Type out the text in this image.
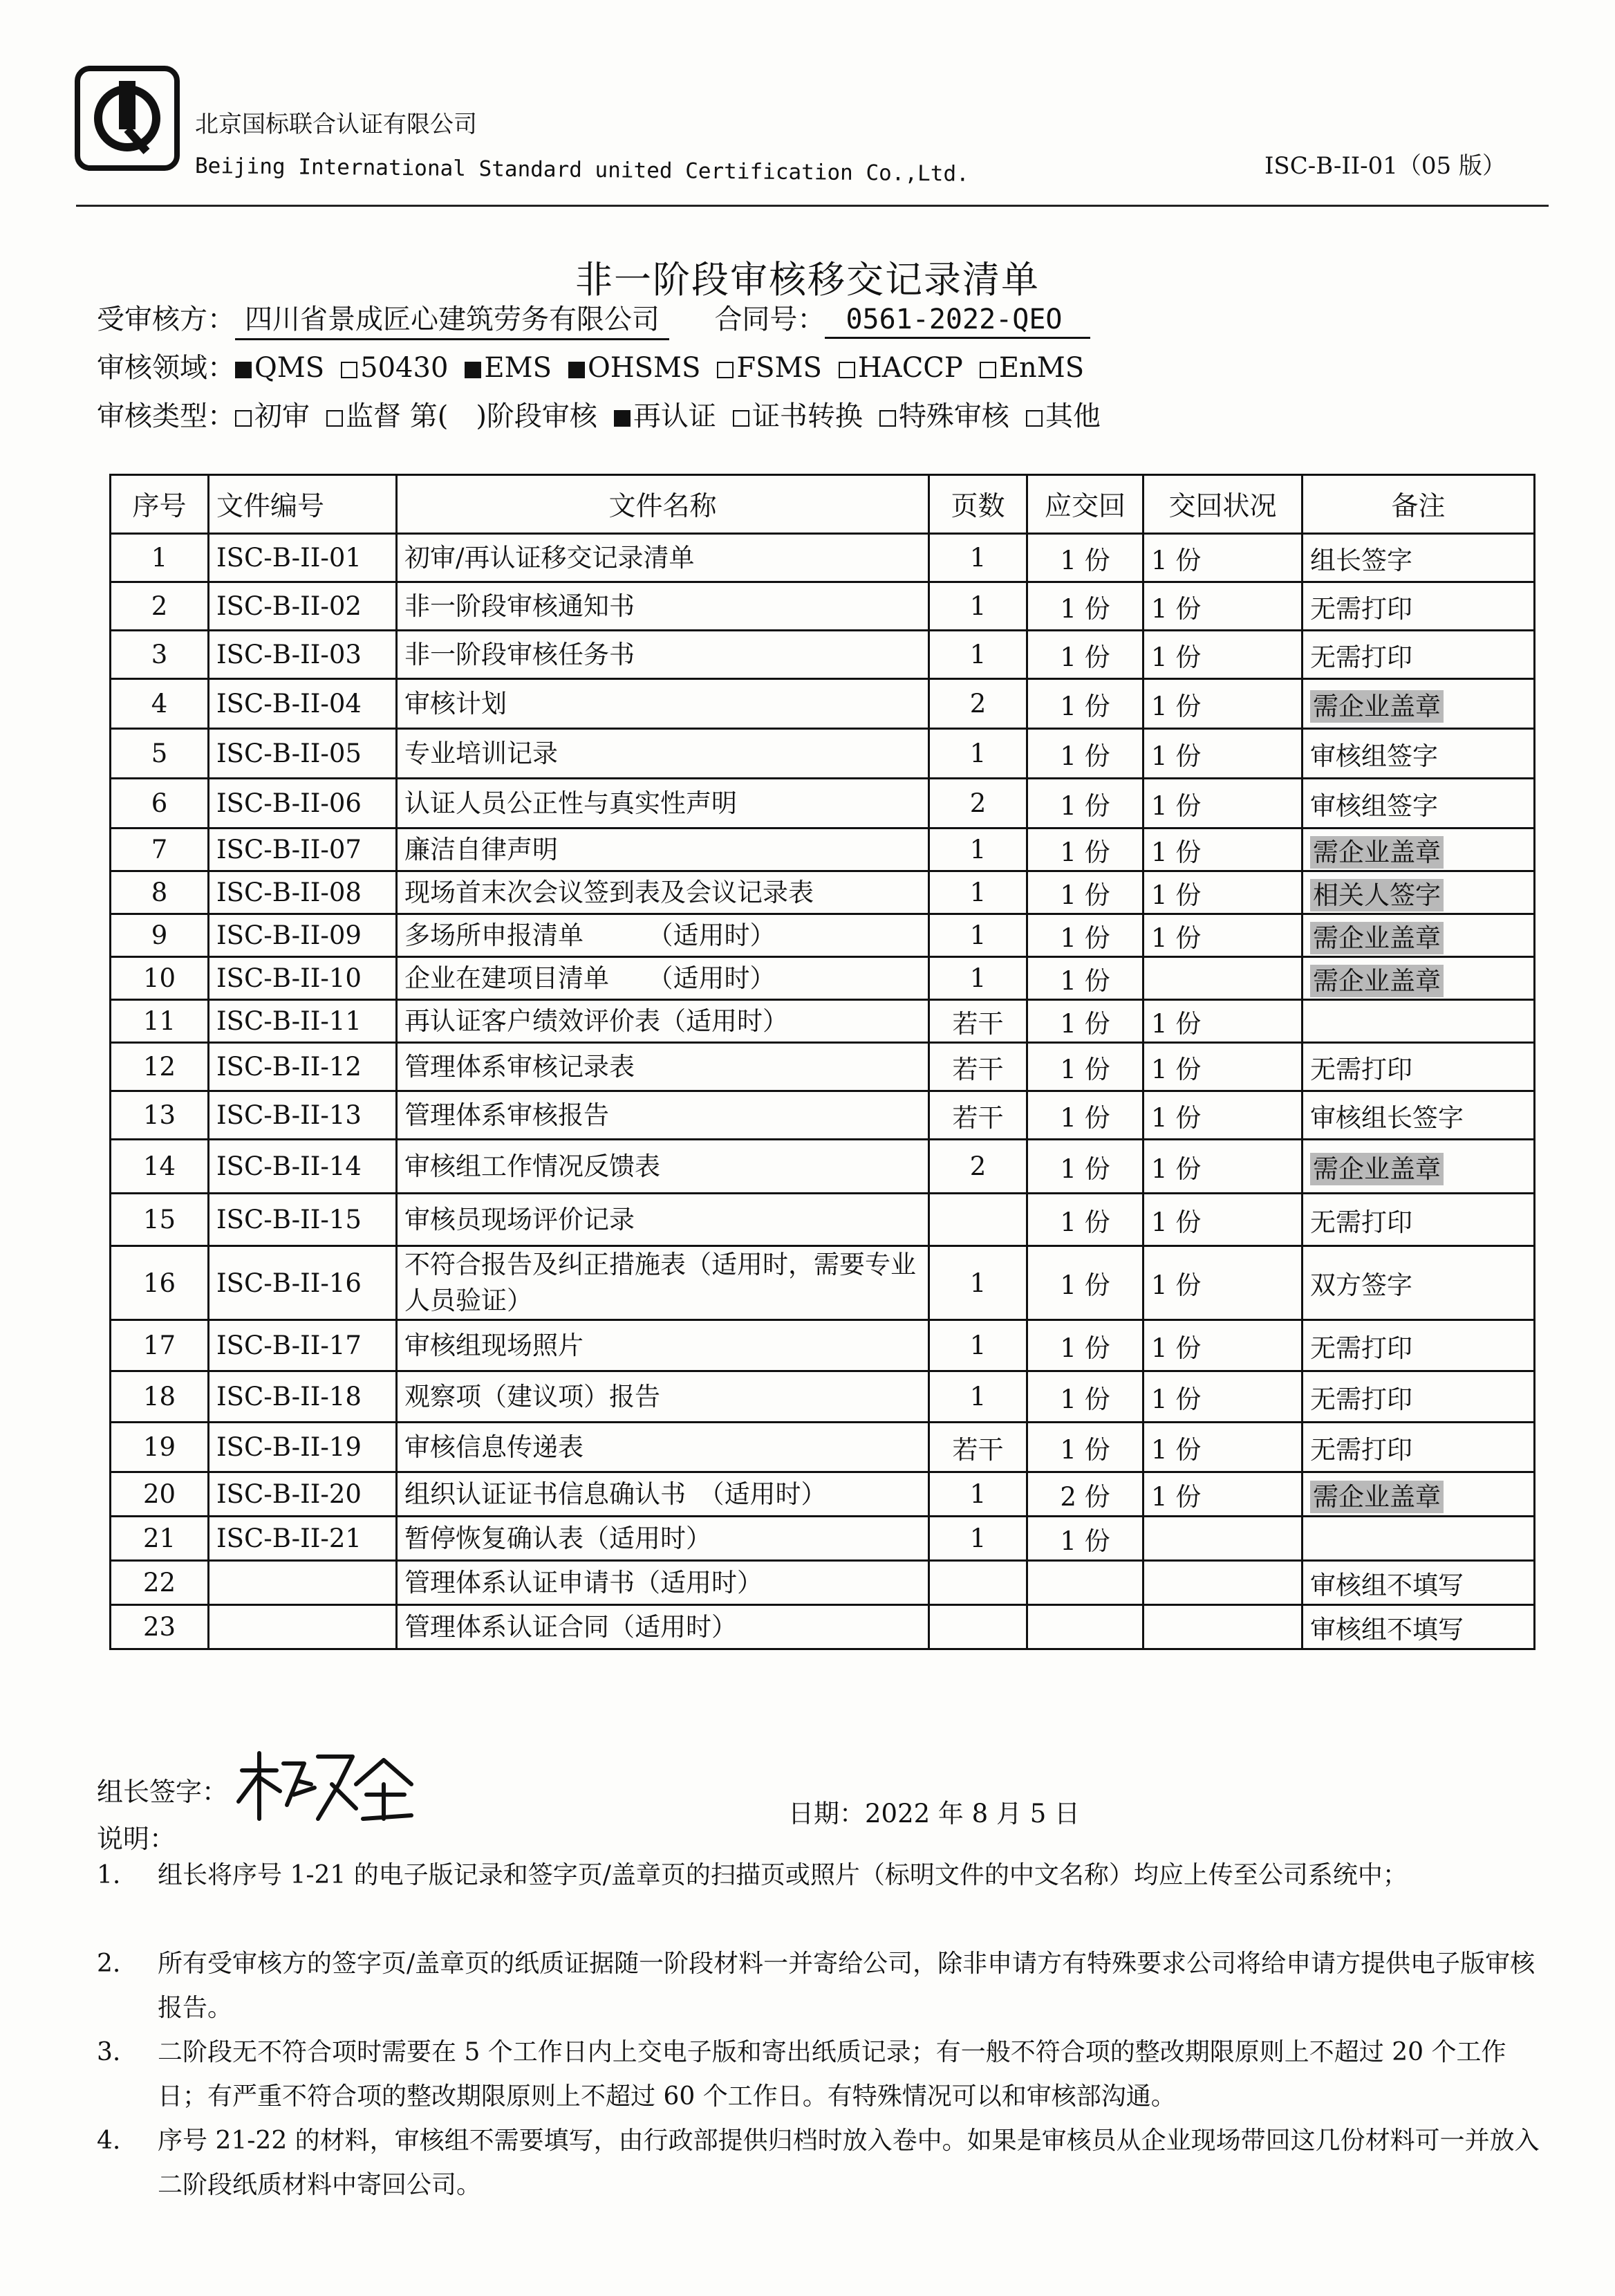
北京国标联合认证有限公司
Beijing International Standard united Certification Co.,Ltd.	ISC-B-II-01（05 版）
非一阶段审核移交记录清单
受审核方： 四川省景成匠心建筑劳务有限公司 合同号： 0561-2022-QEO
审核领域： QMS 50430 EMS OHSMS FSMS HACCP EnMS
审核类型： 初审 监督 第(　)阶段审核 再认证 证书转换 特殊审核 其他
序号	文件编号	文件名称	页数	应交回	交回状况	备注
1	ISC-B-II-01	初审/再认证移交记录清单	1	1 份	1 份	组长签字
2	ISC-B-II-02	非一阶段审核通知书	1	1 份	1 份	无需打印
3	ISC-B-II-03	非一阶段审核任务书	1	1 份	1 份	无需打印
4	ISC-B-II-04	审核计划	2	1 份	1 份	需企业盖章
5	ISC-B-II-05	专业培训记录	1	1 份	1 份	审核组签字
6	ISC-B-II-06	认证人员公正性与真实性声明	2	1 份	1 份	审核组签字
7	ISC-B-II-07	廉洁自律声明	1	1 份	1 份	需企业盖章
8	ISC-B-II-08	现场首末次会议签到表及会议记录表	1	1 份	1 份	相关人签字
9	ISC-B-II-09	多场所申报清单　　　（适用时）	1	1 份	1 份	需企业盖章
10	ISC-B-II-10	企业在建项目清单　　（适用时）	1	1 份		需企业盖章
11	ISC-B-II-11	再认证客户绩效评价表（适用时）	若干	1 份	1 份	
12	ISC-B-II-12	管理体系审核记录表	若干	1 份	1 份	无需打印
13	ISC-B-II-13	管理体系审核报告	若干	1 份	1 份	审核组长签字
14	ISC-B-II-14	审核组工作情况反馈表	2	1 份	1 份	需企业盖章
15	ISC-B-II-15	审核员现场评价记录		1 份	1 份	无需打印
16	ISC-B-II-16	不符合报告及纠正措施表（适用时，需要专业人员验证）	1	1 份	1 份	双方签字
17	ISC-B-II-17	审核组现场照片	1	1 份	1 份	无需打印
18	ISC-B-II-18	观察项（建议项）报告	1	1 份	1 份	无需打印
19	ISC-B-II-19	审核信息传递表	若干	1 份	1 份	无需打印
20	ISC-B-II-20	组织认证证书信息确认书　（适用时）	1	2 份	1 份	需企业盖章
21	ISC-B-II-21	暂停恢复确认表（适用时）	1	1 份		
22		管理体系认证申请书（适用时）				审核组不填写
23		管理体系认证合同（适用时）				审核组不填写
组长签字：
日期：2022 年 8 月 5 日
说明：
1. 组长将序号 1-21 的电子版记录和签字页/盖章页的扫描页或照片（标明文件的中文名称）均应上传至公司系统中；
2. 所有受审核方的签字页/盖章页的纸质证据随一阶段材料一并寄给公司，除非申请方有特殊要求公司将给申请方提供电子版审核报告。
3. 二阶段无不符合项时需要在 5 个工作日内上交电子版和寄出纸质记录；有一般不符合项的整改期限原则上不超过 20 个工作日；有严重不符合项的整改期限原则上不超过 60 个工作日。有特殊情况可以和审核部沟通。
4. 序号 21-22 的材料，审核组不需要填写，由行政部提供归档时放入卷中。如果是审核员从企业现场带回这几份材料可一并放入二阶段纸质材料中寄回公司。
